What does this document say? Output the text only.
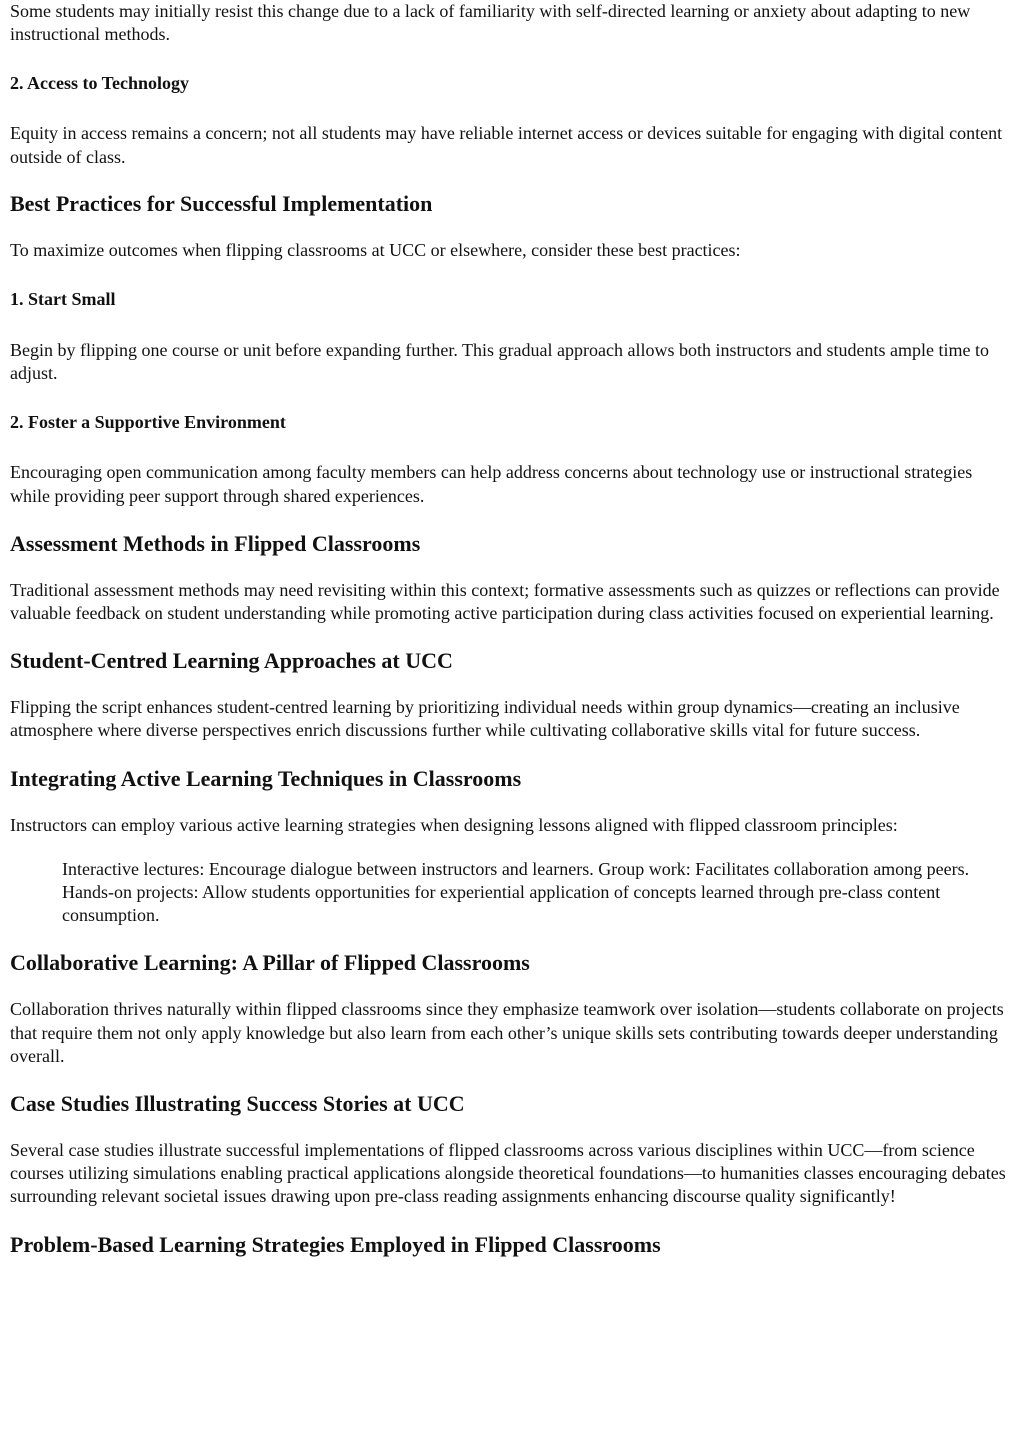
Some students may initially resist this change due to a lack of familiarity with self-directed learning or anxiety about adapting to new instructional methods.

2. Access to Technology

Equity in access remains a concern; not all students may have reliable internet access or devices suitable for engaging with digital content outside of class.

Best Practices for Successful Implementation

To maximize outcomes when flipping classrooms at UCC or elsewhere, consider these best practices:

1. Start Small

Begin by flipping one course or unit before expanding further. This gradual approach allows both instructors and students ample time to adjust.

2. Foster a Supportive Environment

Encouraging open communication among faculty members can help address concerns about technology use or instructional strategies while providing peer support through shared experiences.

Assessment Methods in Flipped Classrooms

Traditional assessment methods may need revisiting within this context; formative assessments such as quizzes or reflections can provide valuable feedback on student understanding while promoting active participation during class activities focused on experiential learning.

Student-Centred Learning Approaches at UCC

Flipping the script enhances student-centred learning by prioritizing individual needs within group dynamics—creating an inclusive atmosphere where diverse perspectives enrich discussions further while cultivating collaborative skills vital for future success.

Integrating Active Learning Techniques in Classrooms

Instructors can employ various active learning strategies when designing lessons aligned with flipped classroom principles:

Interactive lectures: Encourage dialogue between instructors and learners. Group work: Facilitates collaboration among peers. Hands-on projects: Allow students opportunities for experiential application of concepts learned through pre-class content consumption.

Collaborative Learning: A Pillar of Flipped Classrooms

Collaboration thrives naturally within flipped classrooms since they emphasize teamwork over isolation—students collaborate on projects that require them not only apply knowledge but also learn from each other’s unique skills sets contributing towards deeper understanding overall.

Case Studies Illustrating Success Stories at UCC

Several case studies illustrate successful implementations of flipped classrooms across various disciplines within UCC—from science courses utilizing simulations enabling practical applications alongside theoretical foundations—to humanities classes encouraging debates surrounding relevant societal issues drawing upon pre-class reading assignments enhancing discourse quality significantly!

Problem-Based Learning Strategies Employed in Flipped Classrooms
